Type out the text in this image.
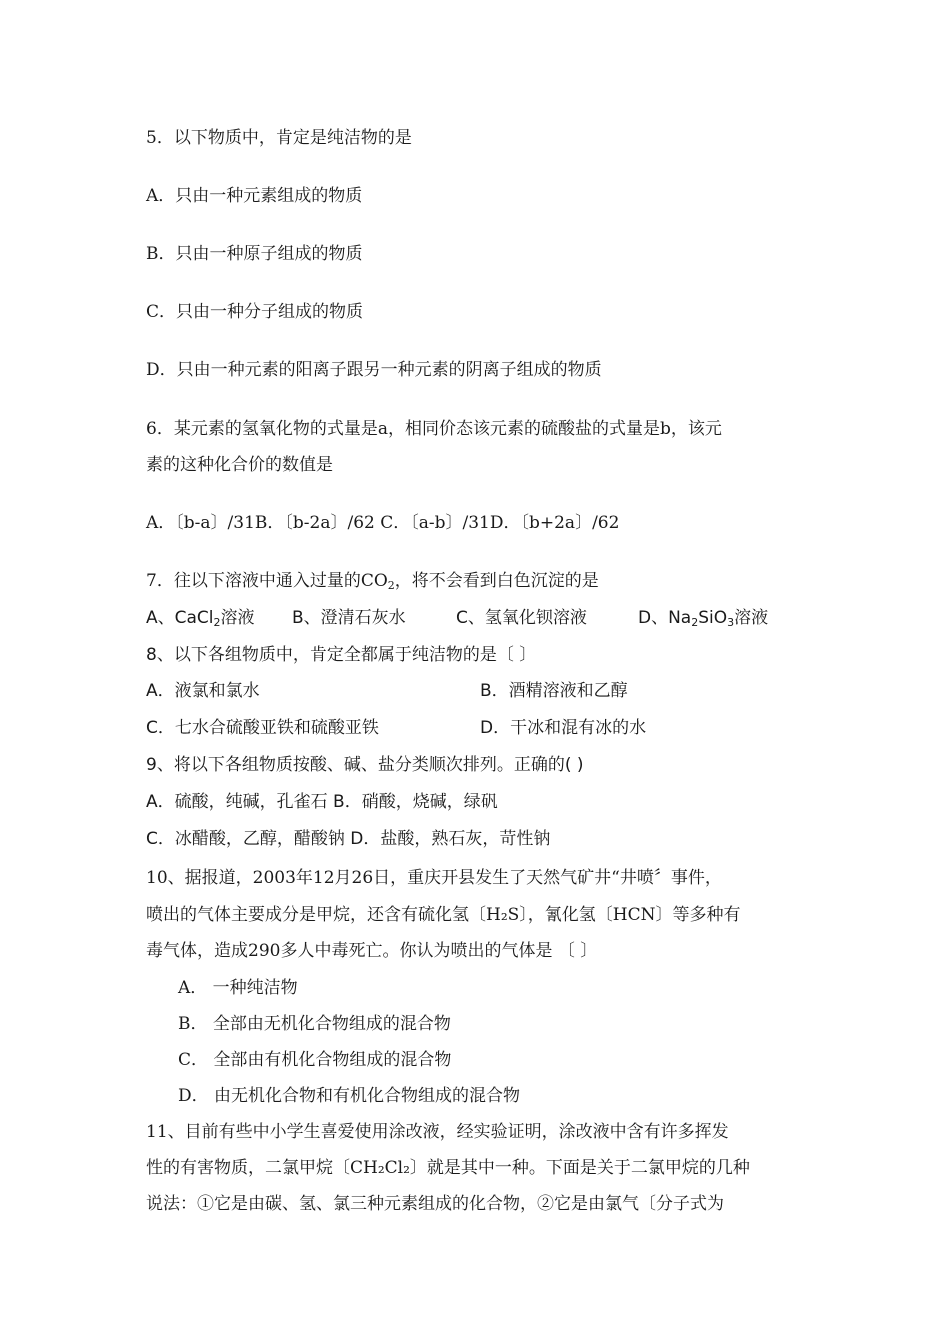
5．以下物质中，肯定是纯洁物的是
A．只由一种元素组成的物质
B．只由一种原子组成的物质
C．只由一种分子组成的物质
D．只由一种元素的阳离子跟另一种元素的阴离子组成的物质
6．某元素的氢氧化物的式量是a，相同价态该元素的硫酸盐的式量是b，该元
素的这种化合价的数值是
A．〔b-a〕/31B．〔b-2a〕/62 C．〔a-b〕/31D．〔b+2a〕/62
7．往以下溶液中通入过量的$CO_2$，将不会看到白色沉淀的是
A、CaCl$_2$溶液 B、澄清石灰水	C、氢氧化钡溶液	D、$Na_2SiO_3$溶液
8、以下各组物质中，肯定全都属于纯洁物的是〔 〕
A．液氯和氯水	B．酒精溶液和乙醇
C．七水合硫酸亚铁和硫酸亚铁	D．干冰和混有冰的水
9、将以下各组物质按酸、碱、盐分类顺次排列。正确的( )
A．硫酸，纯碱，孔雀石 B．硝酸，烧碱，绿矾
C．冰醋酸，乙醇，醋酸钠 D．盐酸，熟石灰，苛性钠
10、据报道，2003年12月26日，重庆开县发生了天然气矿井“井喷〞事件，
喷出的气体主要成分是甲烷，还含有硫化氢〔H₂S〕，氰化氢〔HCN〕等多种有
毒气体，造成290多人中毒死亡。你认为喷出的气体是 〔 〕
A． 一种纯洁物
B． 全部由无机化合物组成的混合物
C． 全部由有机化合物组成的混合物
D． 由无机化合物和有机化合物组成的混合物
11、目前有些中小学生喜爱使用涂改液，经实验证明，涂改液中含有许多挥发
性的有害物质，二氯甲烷〔CH₂Cl₂〕就是其中一种。下面是关于二氯甲烷的几种
说法：①它是由碳、氢、氯三种元素组成的化合物，②它是由氯气〔分子式为
